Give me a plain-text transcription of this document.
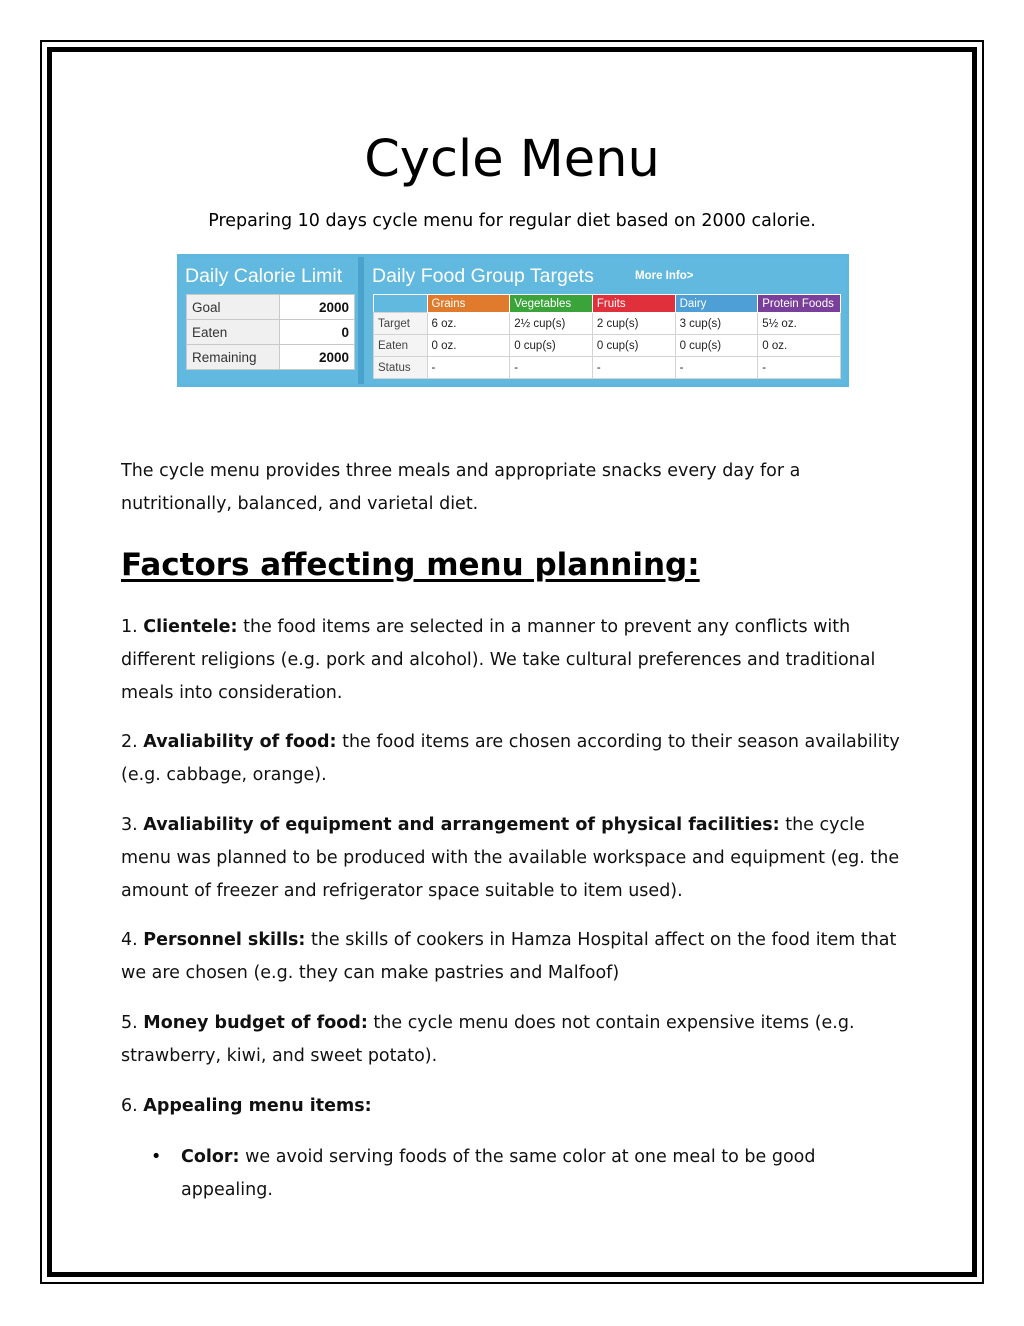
Cycle Menu

Preparing 10 days cycle menu for regular diet based on 2000 calorie.

Daily Calorie Limit
Goal	2000
Eaten	0
Remaining	2000
Daily Food Group Targets	More Info>
	Grains	Vegetables	Fruits	Dairy	Protein Foods
Target	6 oz.	2½ cup(s)	2 cup(s)	3 cup(s)	5½ oz.
Eaten	0 oz.	0 cup(s)	0 cup(s)	0 cup(s)	0 oz.
Status	-	-	-	-	-

The cycle menu provides three meals and appropriate snacks every day for a nutritionally, balanced, and varietal diet.

Factors affecting menu planning:

1. Clientele: the food items are selected in a manner to prevent any conflicts with different religions (e.g. pork and alcohol). We take cultural preferences and traditional meals into consideration.

2. Avaliability of food: the food items are chosen according to their season availability (e.g. cabbage, orange).

3. Avaliability of equipment and arrangement of physical facilities: the cycle menu was planned to be produced with the available workspace and equipment (eg. the amount of freezer and refrigerator space suitable to item used).

4. Personnel skills: the skills of cookers in Hamza Hospital affect on the food item that we are chosen (e.g. they can make pastries and Malfoof)

5. Money budget of food: the cycle menu does not contain expensive items (e.g. strawberry, kiwi, and sweet potato).

6. Appealing menu items:

• Color: we avoid serving foods of the same color at one meal to be good appealing.
